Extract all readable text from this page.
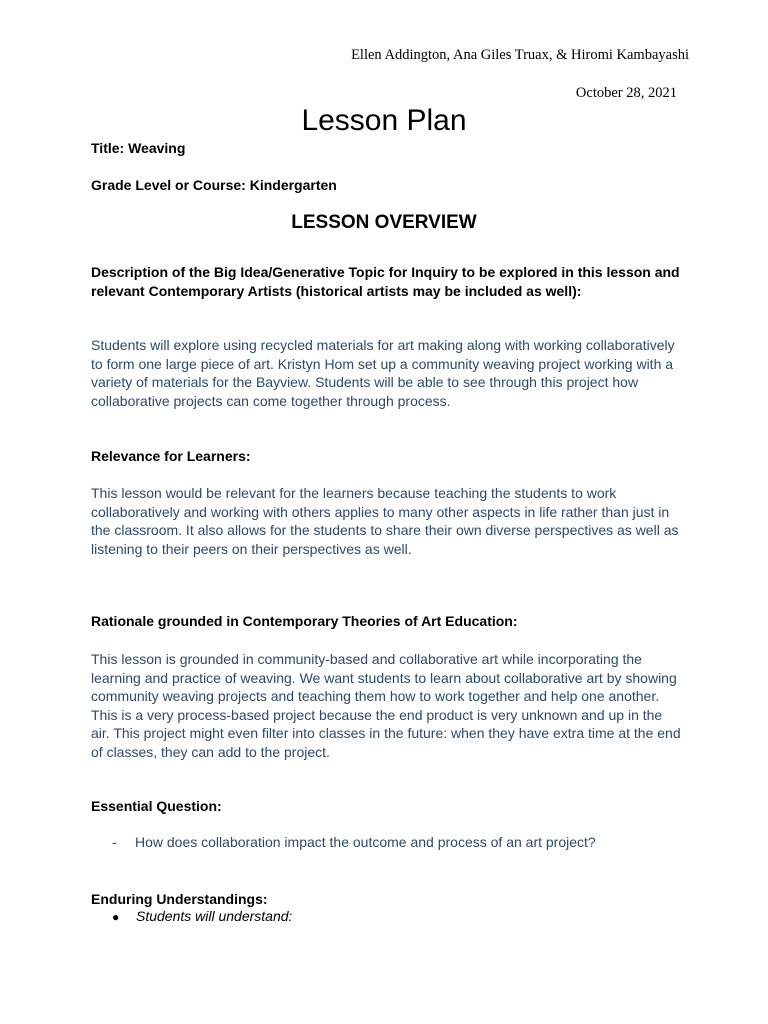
Ellen Addington, Ana Giles Truax, & Hiromi Kambayashi
October 28, 2021
Lesson Plan
Title: Weaving
Grade Level or Course: Kindergarten
LESSON OVERVIEW
Description of the Big Idea/Generative Topic for Inquiry to be explored in this lesson and relevant Contemporary Artists (historical artists may be included as well):
Students will explore using recycled materials for art making along with working collaboratively to form one large piece of art. Kristyn Hom set up a community weaving project working with a variety of materials for the Bayview. Students will be able to see through this project how collaborative projects can come together through process.
Relevance for Learners:
This lesson would be relevant for the learners because teaching the students to work collaboratively and working with others applies to many other aspects in life rather than just in the classroom. It also allows for the students to share their own diverse perspectives as well as listening to their peers on their perspectives as well.
Rationale grounded in Contemporary Theories of Art Education:
This lesson is grounded in community-based and collaborative art while incorporating the learning and practice of weaving. We want students to learn about collaborative art by showing community weaving projects and teaching them how to work together and help one another. This is a very process-based project because the end product is very unknown and up in the air. This project might even filter into classes in the future: when they have extra time at the end of classes, they can add to the project.
Essential Question:
- How does collaboration impact the outcome and process of an art project?
Enduring Understandings:
● Students will understand:
